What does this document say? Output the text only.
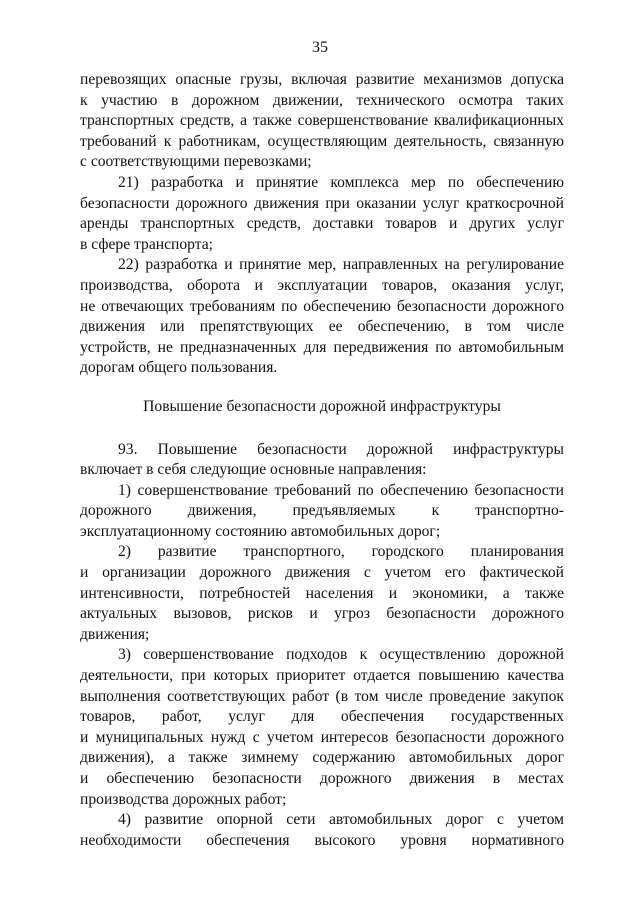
35
перевозящих опасные грузы, включая развитие механизмов допуска
к участию в дорожном движении, технического осмотра таких
транспортных средств, а также совершенствование квалификационных
требований к работникам, осуществляющим деятельность, связанную
с соответствующими перевозками;
21) разработка и принятие комплекса мер по обеспечению
безопасности дорожного движения при оказании услуг краткосрочной
аренды транспортных средств, доставки товаров и других услуг
в сфере транспорта;
22) разработка и принятие мер, направленных на регулирование
производства, оборота и эксплуатации товаров, оказания услуг,
не отвечающих требованиям по обеспечению безопасности дорожного
движения или препятствующих ее обеспечению, в том числе
устройств, не предназначенных для передвижения по автомобильным
дорогам общего пользования.
Повышение безопасности дорожной инфраструктуры
93. Повышение безопасности дорожной инфраструктуры
включает в себя следующие основные направления:
1) совершенствование требований по обеспечению безопасности
дорожного движения, предъявляемых к транспортно-
эксплуатационному состоянию автомобильных дорог;
2) развитие транспортного, городского планирования
и организации дорожного движения с учетом его фактической
интенсивности, потребностей населения и экономики, а также
актуальных вызовов, рисков и угроз безопасности дорожного
движения;
3) совершенствование подходов к осуществлению дорожной
деятельности, при которых приоритет отдается повышению качества
выполнения соответствующих работ (в том числе проведение закупок
товаров, работ, услуг для обеспечения государственных
и муниципальных нужд с учетом интересов безопасности дорожного
движения), а также зимнему содержанию автомобильных дорог
и обеспечению безопасности дорожного движения в местах
производства дорожных работ;
4) развитие опорной сети автомобильных дорог с учетом
необходимости обеспечения высокого уровня нормативного
